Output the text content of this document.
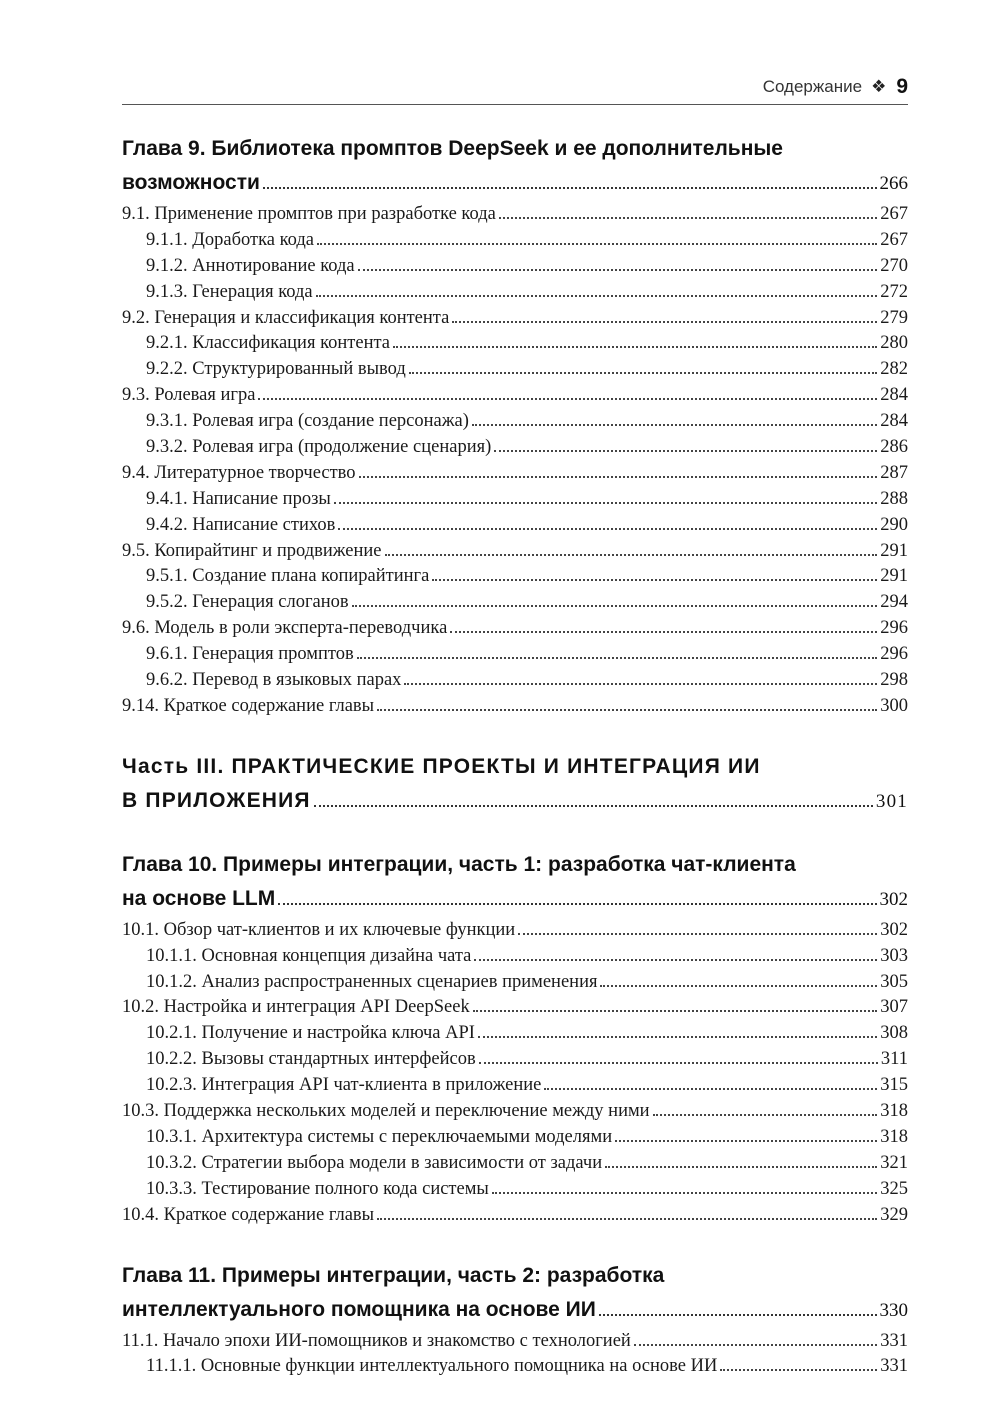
Содержание ❖ 9
Глава 9. Библиотека промптов DeepSeek и ее дополнительные
возможности	266
9.1. Применение промптов при разработке кода	267
9.1.1. Доработка кода	267
9.1.2. Аннотирование кода	270
9.1.3. Генерация кода	272
9.2. Генерация и классификация контента	279
9.2.1. Классификация контента	280
9.2.2. Структурированный вывод	282
9.3. Ролевая игра	284
9.3.1. Ролевая игра (создание персонажа)	284
9.3.2. Ролевая игра (продолжение сценария)	286
9.4. Литературное творчество	287
9.4.1. Написание прозы	288
9.4.2. Написание стихов	290
9.5. Копирайтинг и продвижение	291
9.5.1. Создание плана копирайтинга	291
9.5.2. Генерация слоганов	294
9.6. Модель в роли эксперта-переводчика	296
9.6.1. Генерация промптов	296
9.6.2. Перевод в языковых парах	298
9.14. Краткое содержание главы	300
Часть III. ПРАКТИЧЕСКИЕ ПРОЕКТЫ И ИНТЕГРАЦИЯ ИИ
В ПРИЛОЖЕНИЯ	301
Глава 10. Примеры интеграции, часть 1: разработка чат-клиента
на основе LLM	302
10.1. Обзор чат-клиентов и их ключевые функции	302
10.1.1. Основная концепция дизайна чата	303
10.1.2. Анализ распространенных сценариев применения	305
10.2. Настройка и интеграция API DeepSeek	307
10.2.1. Получение и настройка ключа API	308
10.2.2. Вызовы стандартных интерфейсов	311
10.2.3. Интеграция API чат-клиента в приложение	315
10.3. Поддержка нескольких моделей и переключение между ними	318
10.3.1. Архитектура системы с переключаемыми моделями	318
10.3.2. Стратегии выбора модели в зависимости от задачи	321
10.3.3. Тестирование полного кода системы	325
10.4. Краткое содержание главы	329
Глава 11. Примеры интеграции, часть 2: разработка
интеллектуального помощника на основе ИИ	330
11.1. Начало эпохи ИИ-помощников и знакомство с технологией	331
11.1.1. Основные функции интеллектуального помощника на основе ИИ	331
